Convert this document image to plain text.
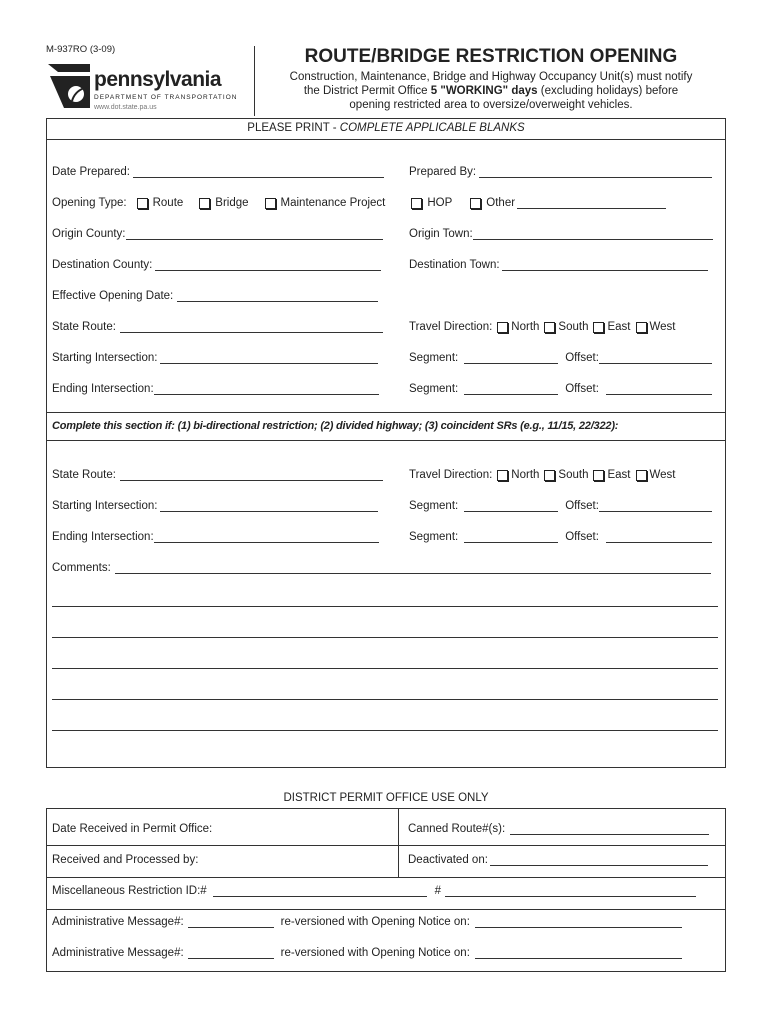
M-937RO (3-09)
pennsylvania
DEPARTMENT OF TRANSPORTATION
www.dot.state.pa.us
ROUTE/BRIDGE RESTRICTION OPENING
Construction, Maintenance, Bridge and Highway Occupancy Unit(s) must notify
the District Permit Office 5 "WORKING" days (excluding holidays) before
opening restricted area to oversize/overweight vehicles.
PLEASE PRINT - COMPLETE APPLICABLE BLANKS
Date Prepared:	Prepared By:
Opening Type: Route	Bridge	Maintenance Project	HOP	Other
Origin County:	Origin Town:
Destination County:	Destination Town:
Effective Opening Date:
State Route:	Travel Direction: North South East West
Starting Intersection:	Segment:	Offset:
Ending Intersection:	Segment:	Offset:
Complete this section if: (1) bi-directional restriction; (2) divided highway; (3) coincident SRs (e.g., 11/15, 22/322):
State Route:	Travel Direction: North South East West
Starting Intersection:	Segment:	Offset:
Ending Intersection:	Segment:	Offset:
Comments:
DISTRICT PERMIT OFFICE USE ONLY
Date Received in Permit Office:	Canned Route#(s):
Received and Processed by:	Deactivated on:
Miscellaneous Restriction ID:#	#
Administrative Message#:	re-versioned with Opening Notice on:
Administrative Message#:	re-versioned with Opening Notice on:
